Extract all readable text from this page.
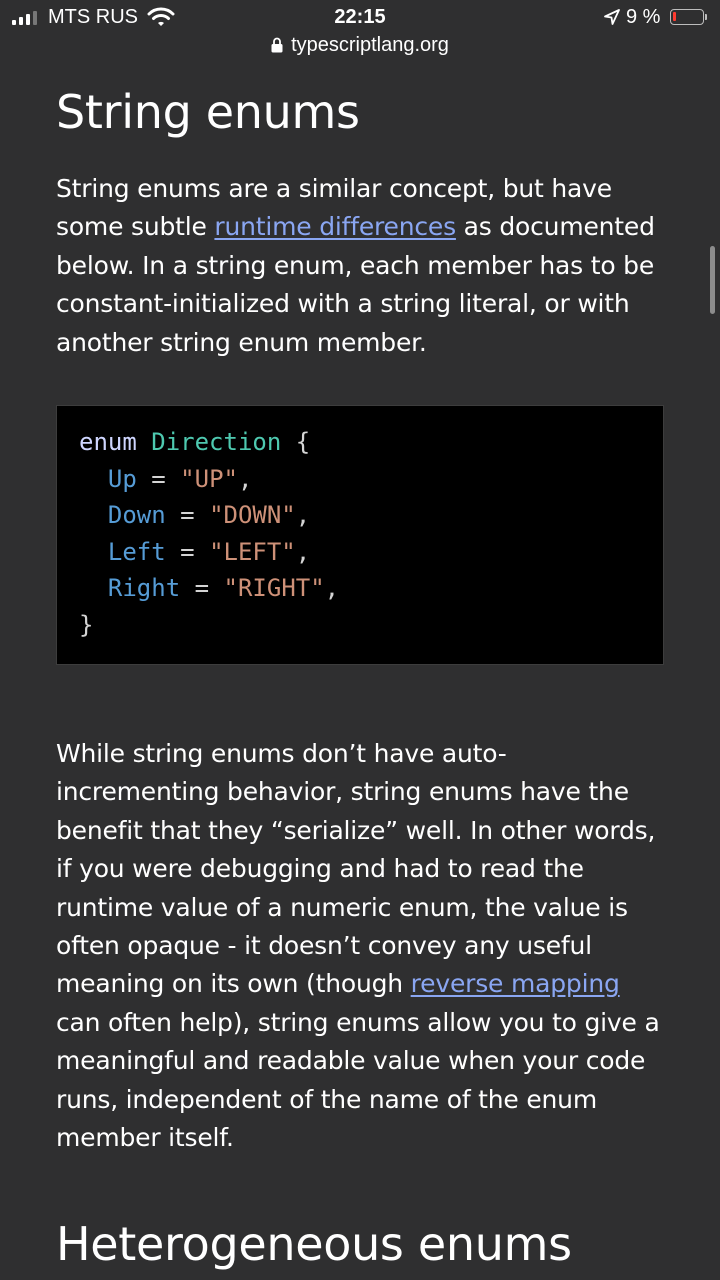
MTS RUS	22:15	9 %
typescriptlang.org
String enums

String enums are a similar concept, but have some subtle runtime differences as documented below. In a string enum, each member has to be constant-initialized with a string literal, or with another string enum member.

enum Direction {
Up = "UP",
Down = "DOWN",
Left = "LEFT",
Right = "RIGHT",
}

While string enums don’t have auto-incrementing behavior, string enums have the benefit that they “serialize” well. In other words, if you were debugging and had to read the runtime value of a numeric enum, the value is often opaque - it doesn’t convey any useful meaning on its own (though reverse mapping can often help), string enums allow you to give a meaningful and readable value when your code runs, independent of the name of the enum member itself.

Heterogeneous enums
